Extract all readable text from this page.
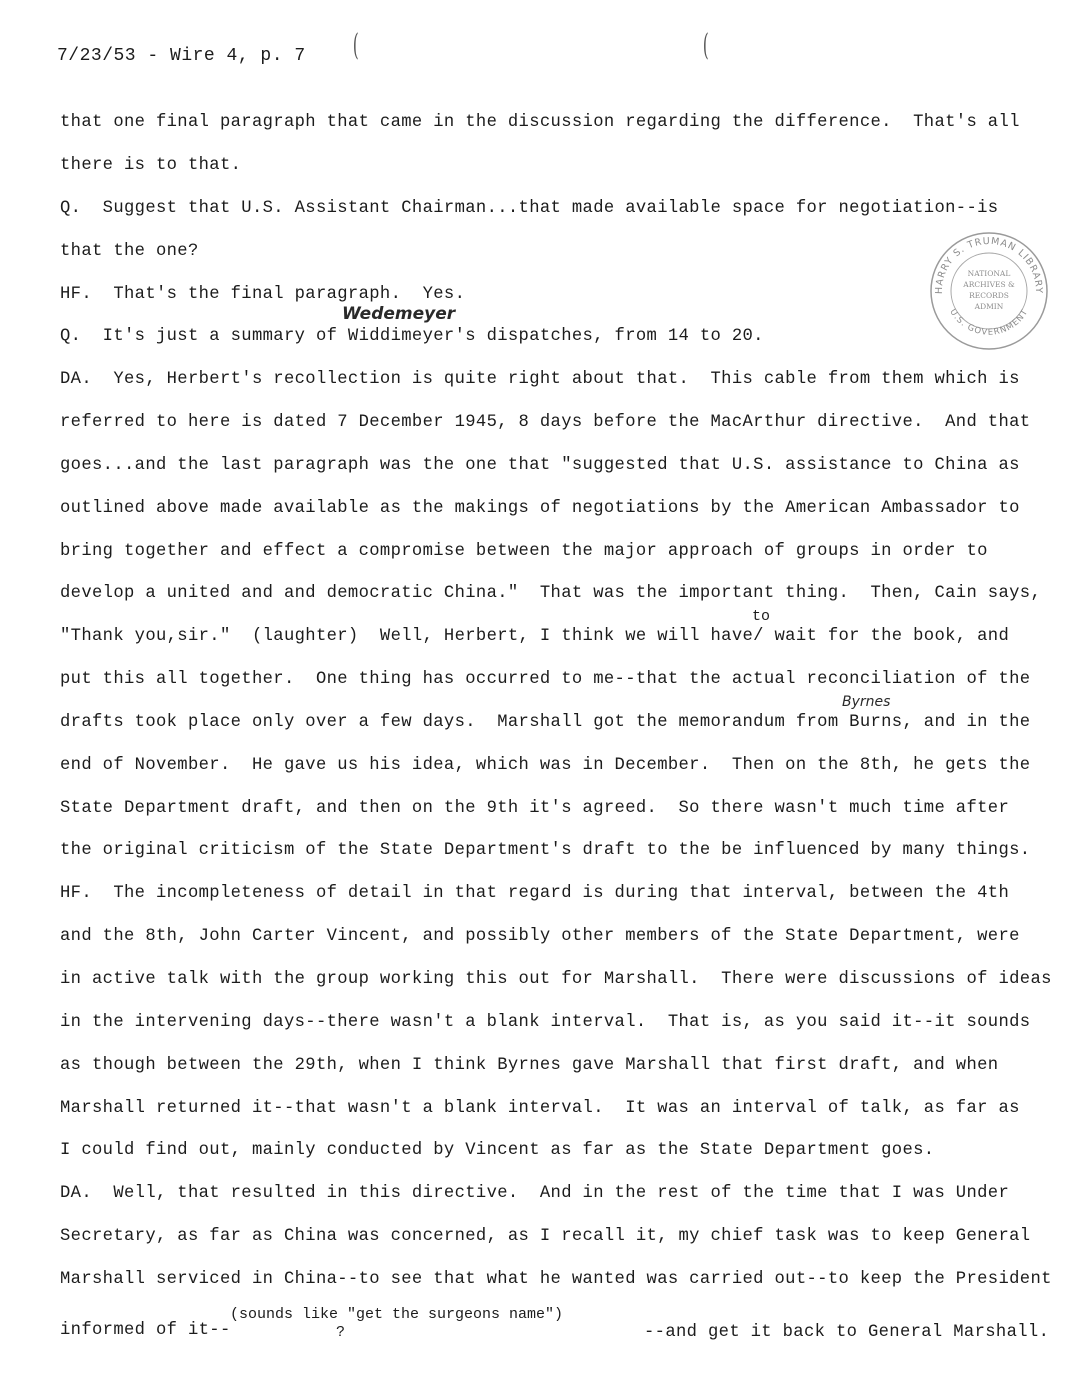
7/23/53 - Wire 4, p. 7 (	(
HARRY S. TRUMAN LIBRARY
U.S. GOVERNMENT
NATIONAL
ARCHIVES &
RECORDS
ADMIN
Wedemeyer
to
Byrnes
that one final paragraph that came in the discussion regarding the difference.  That's all
there is to that.
Q.  Suggest that U.S. Assistant Chairman...that made available space for negotiation--is
that the one?
HF.  That's the final paragraph.  Yes.
Q.  It's just a summary of Widdimeyer's dispatches, from 14 to 20.
DA.  Yes, Herbert's recollection is quite right about that.  This cable from them which is
referred to here is dated 7 December 1945, 8 days before the MacArthur directive.  And that
goes...and the last paragraph was the one that "suggested that U.S. assistance to China as
outlined above made available as the makings of negotiations by the American Ambassador to
bring together and effect a compromise between the major approach of groups in order to
develop a united and and democratic China."  That was the important thing.  Then, Cain says,
"Thank you,sir."  (laughter)  Well, Herbert, I think we will have/ wait for the book, and
put this all together.  One thing has occurred to me--that the actual reconciliation of the
drafts took place only over a few days.  Marshall got the memorandum from Burns, and in the
end of November.  He gave us his idea, which was in December.  Then on the 8th, he gets the
State Department draft, and then on the 9th it's agreed.  So there wasn't much time after
the original criticism of the State Department's draft to the be influenced by many things.
HF.  The incompleteness of detail in that regard is during that interval, between the 4th
and the 8th, John Carter Vincent, and possibly other members of the State Department, were
in active talk with the group working this out for Marshall.  There were discussions of ideas
in the intervening days--there wasn't a blank interval.  That is, as you said it--it sounds
as though between the 29th, when I think Byrnes gave Marshall that first draft, and when
Marshall returned it--that wasn't a blank interval.  It was an interval of talk, as far as
I could find out, mainly conducted by Vincent as far as the State Department goes.
DA.  Well, that resulted in this directive.  And in the rest of the time that I was Under
Secretary, as far as China was concerned, as I recall it, my chief task was to keep General
Marshall serviced in China--to see that what he wanted was carried out--to keep the President
informed of it--
(sounds like "get the surgeons name")
?	--and get it back to General Marshall.
